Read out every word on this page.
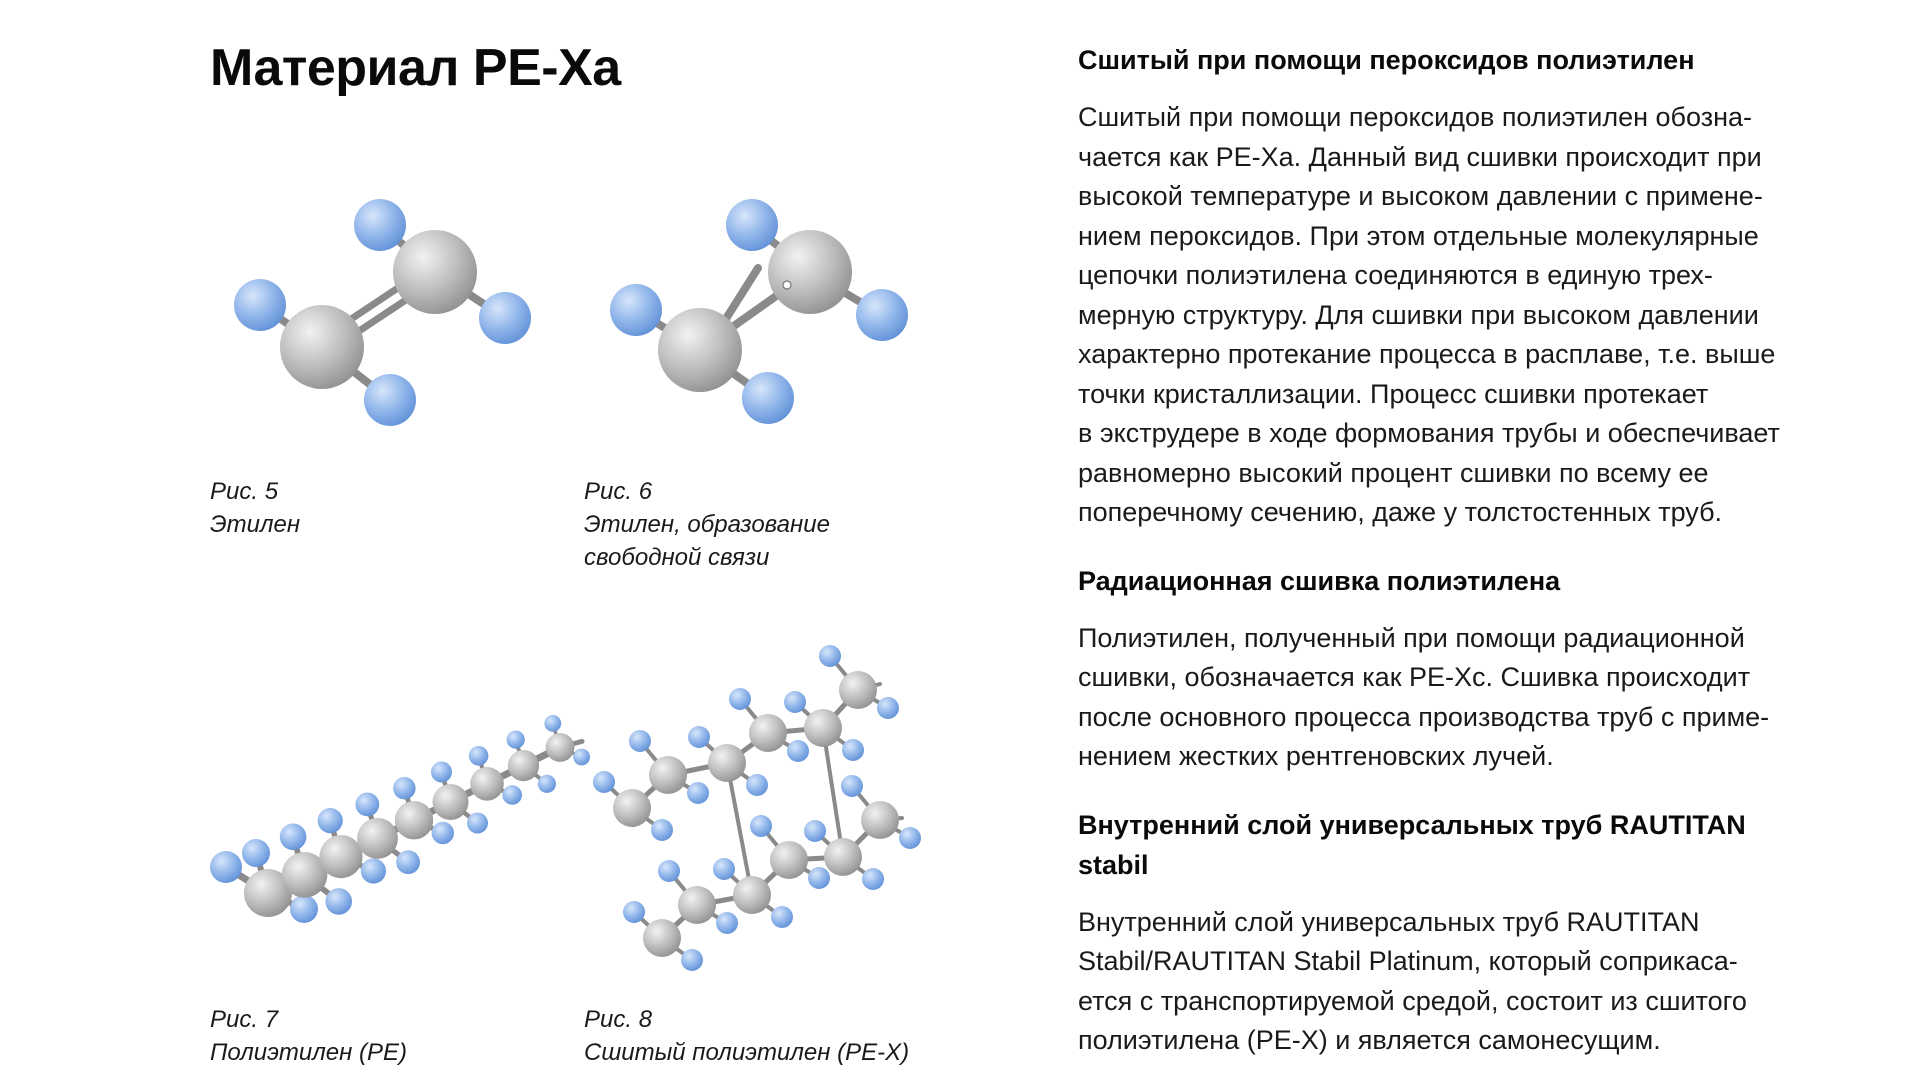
Материал PE-Xa
Рис. 5
Этилен
Рис. 6
Этилен, образование
свободной связи
Рис. 7
Полиэтилен (PE)
Рис. 8
Сшитый полиэтилен (PE-X)
Сшитый при помощи пероксидов полиэтилен

Сшитый при помощи пероксидов полиэтилен обозна-
чается как PE-Xa. Данный вид сшивки происходит при
высокой температуре и высоком давлении с примене-
нием пероксидов. При этом отдельные молекулярные
цепочки полиэтилена соединяются в единую трех-
мерную структуру. Для сшивки при высоком давлении
характерно протекание процесса в расплаве, т.е. выше
точки кристаллизации. Процесс сшивки протекает
в экструдере в ходе формования трубы и обеспечивает
равномерно высокий процент сшивки по всему ее
поперечному сечению, даже у толстостенных труб.

Радиационная сшивка полиэтилена

Полиэтилен, полученный при помощи радиационной
сшивки, обозначается как PE-Xc. Сшивка происходит
после основного процесса производства труб с приме-
нением жестких рентгеновских лучей.

Внутренний слой универсальных труб RAUTITAN
stabil

Внутренний слой универсальных труб RAUTITAN
Stabil/RAUTITAN Stabil Platinum, который соприкаса-
ется с транспортируемой средой, состоит из сшитого
полиэтилена (PE-X) и является самонесущим.
